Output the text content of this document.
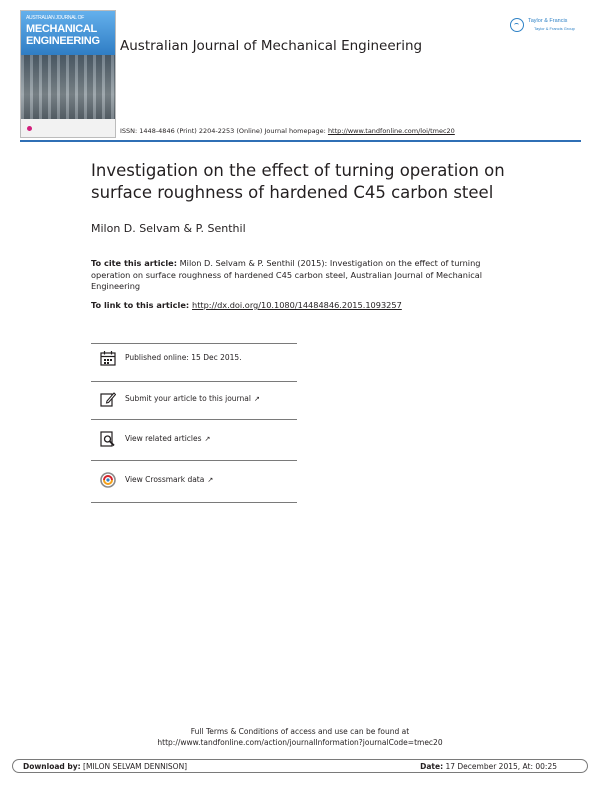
AUSTRALIAN JOURNAL OF
MECHANICAL
ENGINEERING	Australian Journal of Mechanical Engineering
Taylor & Francis
Taylor & Francis Group
ISSN: 1448-4846 (Print) 2204-2253 (Online) Journal homepage: http://www.tandfonline.com/loi/tmec20
Investigation on the effect of turning operation on surface roughness of hardened C45 carbon steel
Milon D. Selvam & P. Senthil
To cite this article: Milon D. Selvam & P. Senthil (2015): Investigation on the effect of turning operation on surface roughness of hardened C45 carbon steel, Australian Journal of Mechanical Engineering
To link to this article: http://dx.doi.org/10.1080/14484846.2015.1093257
Published online: 15 Dec 2015.
Submit your article to this journal ↗
View related articles ↗
View Crossmark data ↗
Full Terms & Conditions of access and use can be found at
http://www.tandfonline.com/action/journalInformation?journalCode=tmec20
Download by: [MILON SELVAM DENNISON]	Date: 17 December 2015, At: 00:25
